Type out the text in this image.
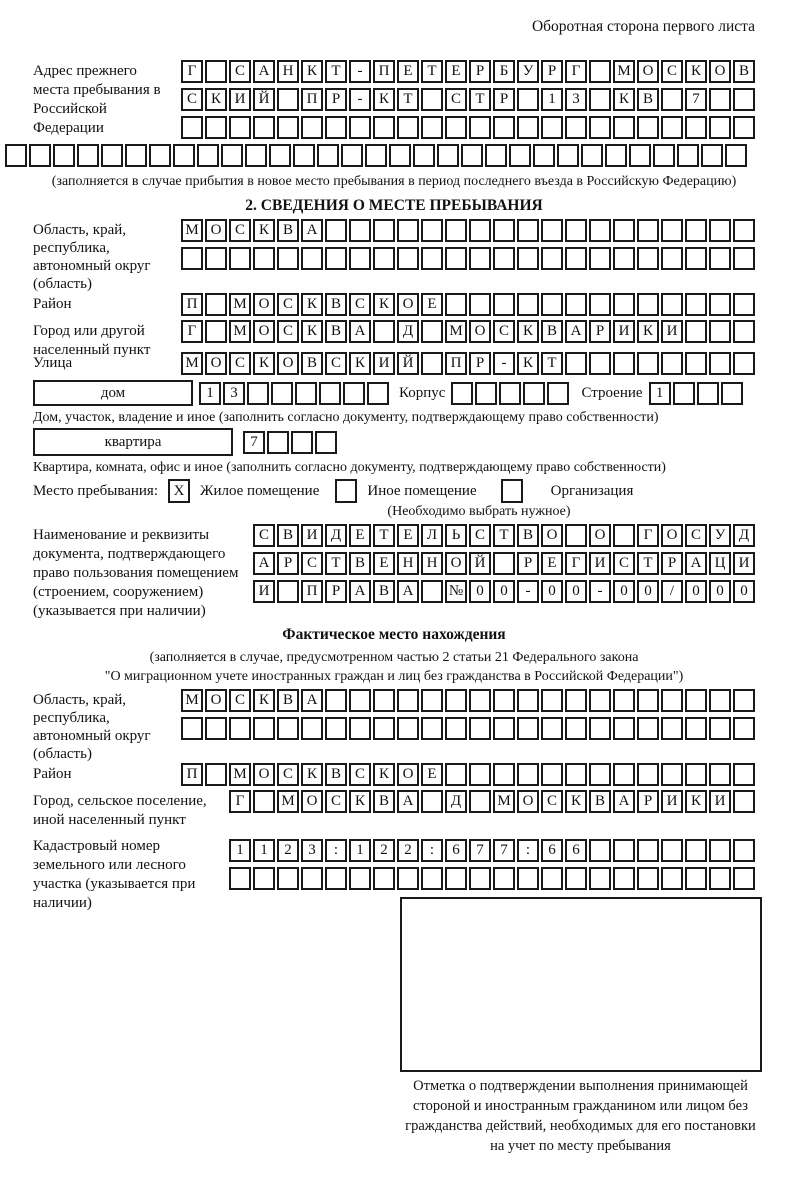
Оборотная сторона первого листа
Адрес прежнего места пребывания в Российской Федерации
Г	С А Н К Т	-	П Е Т Е	Р	Б У Р	Г	М О С К О В
С К И Й	П Р	-	К Т	С Т	Р	1	3	К В	7
(заполняется в случае прибытия в новое место пребывания в период последнего въезда в Российскую Федерацию)
2. СВЕДЕНИЯ О МЕСТЕ ПРЕБЫВАНИЯ
Область, край, республика, автономный округ (область)
М О С К В А
Район	П	М О С К В С К О Е
Город или другой населенный пункт
Г	М О С К В А	Д	М О С К В А Р И К И
Улица	М О С К О В С К И Й	П Р	-	К Т
дом	1	3	Корпус	Строение 1
Дом, участок, владение и иное (заполнить согласно документу, подтверждающему право собственности)
квартира	7
Квартира, комната, офис и иное (заполнить согласно документу, подтверждающему право собственности)
Место пребывания:	X	Жилое помещение	Иное помещение	Организация
(Необходимо выбрать нужное)
Наименование и реквизиты документа, подтверждающего право пользования помещением (строением, сооружением) (указывается при наличии)
С В И Д Е Т Е Л Ь С Т В О	О	Г О С У Д
А Р С Т В Е Н Н О Й	Р	Е	Г И С Т	Р А Ц И
И	П Р А В А	№ 0	0	-	0	0	-	0	0	/	0	0	0
Фактическое место нахождения
(заполняется в случае, предусмотренном частью 2 статьи 21 Федерального закона
"О миграционном учете иностранных граждан и лиц без гражданства в Российской Федерации")
Область, край, республика, автономный округ (область)
М О С К В А
Район	П	М О С К В С К О Е
Город, сельское поселение, иной населенный пункт
Г	М О С К В А	Д	М О С К В А Р И К И
Кадастровый номер земельного или лесного участка (указывается при наличии)
1	1	2	3	:	1	2	2	:	6	7	7	:	6	6
Отметка о подтверждении выполнения принимающей
стороной и иностранным гражданином или лицом без
гражданства действий, необходимых для его постановки
на учет по месту пребывания
